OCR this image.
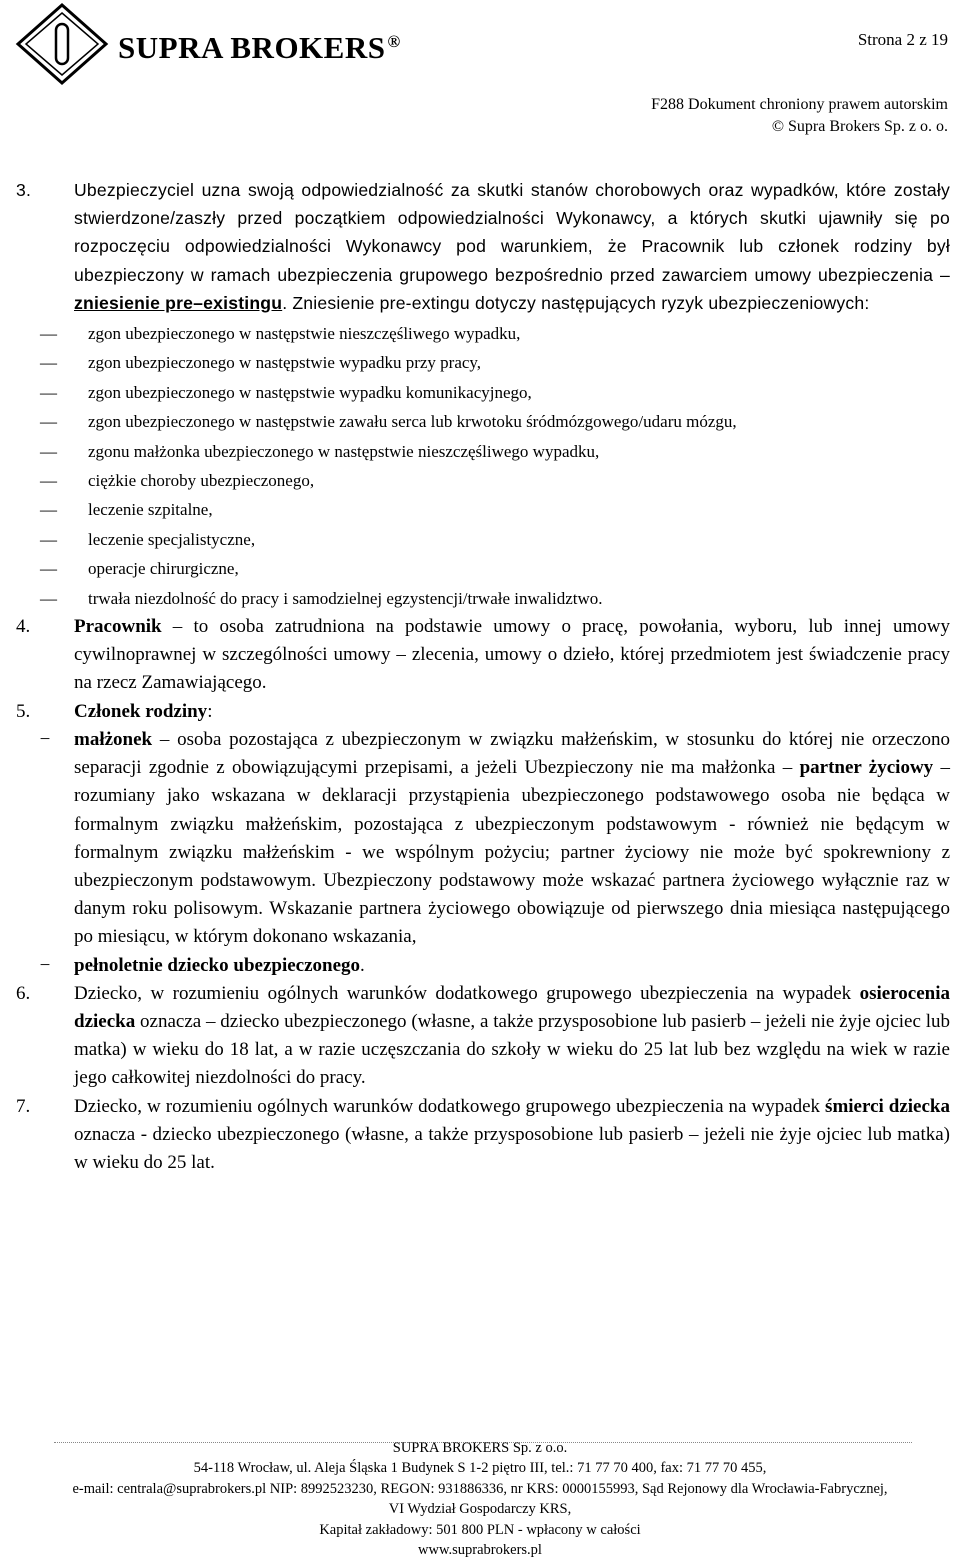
SUPRA BROKERS ®	Strona 2 z 19
F288 Dokument chroniony prawem autorskim
© Supra Brokers Sp. z o. o.
3. Ubezpieczyciel uzna swoją odpowiedzialność za skutki stanów chorobowych oraz wypadków, które zostały stwierdzone/zaszły przed początkiem odpowiedzialności Wykonawcy, a których skutki ujawniły się po rozpoczęciu odpowiedzialności Wykonawcy pod warunkiem, że Pracownik lub członek rodziny był ubezpieczony w ramach ubezpieczenia grupowego bezpośrednio przed zawarciem umowy ubezpieczenia – zniesienie pre–existingu. Zniesienie pre-extingu dotyczy następujących ryzyk ubezpieczeniowych:
— zgon ubezpieczonego w następstwie nieszczęśliwego wypadku,
— zgon ubezpieczonego w następstwie wypadku przy pracy,
— zgon ubezpieczonego w następstwie wypadku komunikacyjnego,
— zgon ubezpieczonego w następstwie zawału serca lub krwotoku śródmózgowego/udaru mózgu,
— zgonu małżonka ubezpieczonego w następstwie nieszczęśliwego wypadku,
— ciężkie choroby ubezpieczonego,
— leczenie szpitalne,
— leczenie specjalistyczne,
— operacje chirurgiczne,
— trwała niezdolność do pracy i samodzielnej egzystencji/trwałe inwalidztwo.
4. Pracownik – to osoba zatrudniona na podstawie umowy o pracę, powołania, wyboru, lub innej umowy cywilnoprawnej w szczególności umowy – zlecenia, umowy o dzieło, której przedmiotem jest świadczenie pracy na rzecz Zamawiającego.
5. Członek rodziny:
− małżonek – osoba pozostająca z ubezpieczonym w związku małżeńskim, w stosunku do której nie orzeczono separacji zgodnie z obowiązującymi przepisami, a jeżeli Ubezpieczony nie ma małżonka – partner życiowy – rozumiany jako wskazana w deklaracji przystąpienia ubezpieczonego podstawowego osoba nie będąca w formalnym związku małżeńskim, pozostająca z ubezpieczonym podstawowym - również nie będącym w formalnym związku małżeńskim - we wspólnym pożyciu; partner życiowy nie może być spokrewniony z ubezpieczonym podstawowym. Ubezpieczony podstawowy może wskazać partnera życiowego wyłącznie raz w danym roku polisowym. Wskazanie partnera życiowego obowiązuje od pierwszego dnia miesiąca następującego po miesiącu, w którym dokonano wskazania,
− pełnoletnie dziecko ubezpieczonego.
6. Dziecko, w rozumieniu ogólnych warunków dodatkowego grupowego ubezpieczenia na wypadek osierocenia dziecka oznacza – dziecko ubezpieczonego (własne, a także przysposobione lub pasierb – jeżeli nie żyje ojciec lub matka) w wieku do 18 lat, a w razie uczęszczania do szkoły w wieku do 25 lat lub bez względu na wiek w razie jego całkowitej niezdolności do pracy.
7. Dziecko, w rozumieniu ogólnych warunków dodatkowego grupowego ubezpieczenia na wypadek śmierci dziecka oznacza - dziecko ubezpieczonego (własne, a także przysposobione lub pasierb – jeżeli nie żyje ojciec lub matka) w wieku do 25 lat.
SUPRA BROKERS Sp. z o.o.
54-118 Wrocław, ul. Aleja Śląska 1 Budynek S 1-2 piętro III, tel.: 71 77 70 400, fax: 71 77 70 455,
e-mail: centrala@suprabrokers.pl NIP: 8992523230, REGON: 931886336, nr KRS: 0000155993, Sąd Rejonowy dla Wrocławia-Fabrycznej,
VI Wydział Gospodarczy KRS,
Kapitał zakładowy: 501 800 PLN - wpłacony w całości
www.suprabrokers.pl
